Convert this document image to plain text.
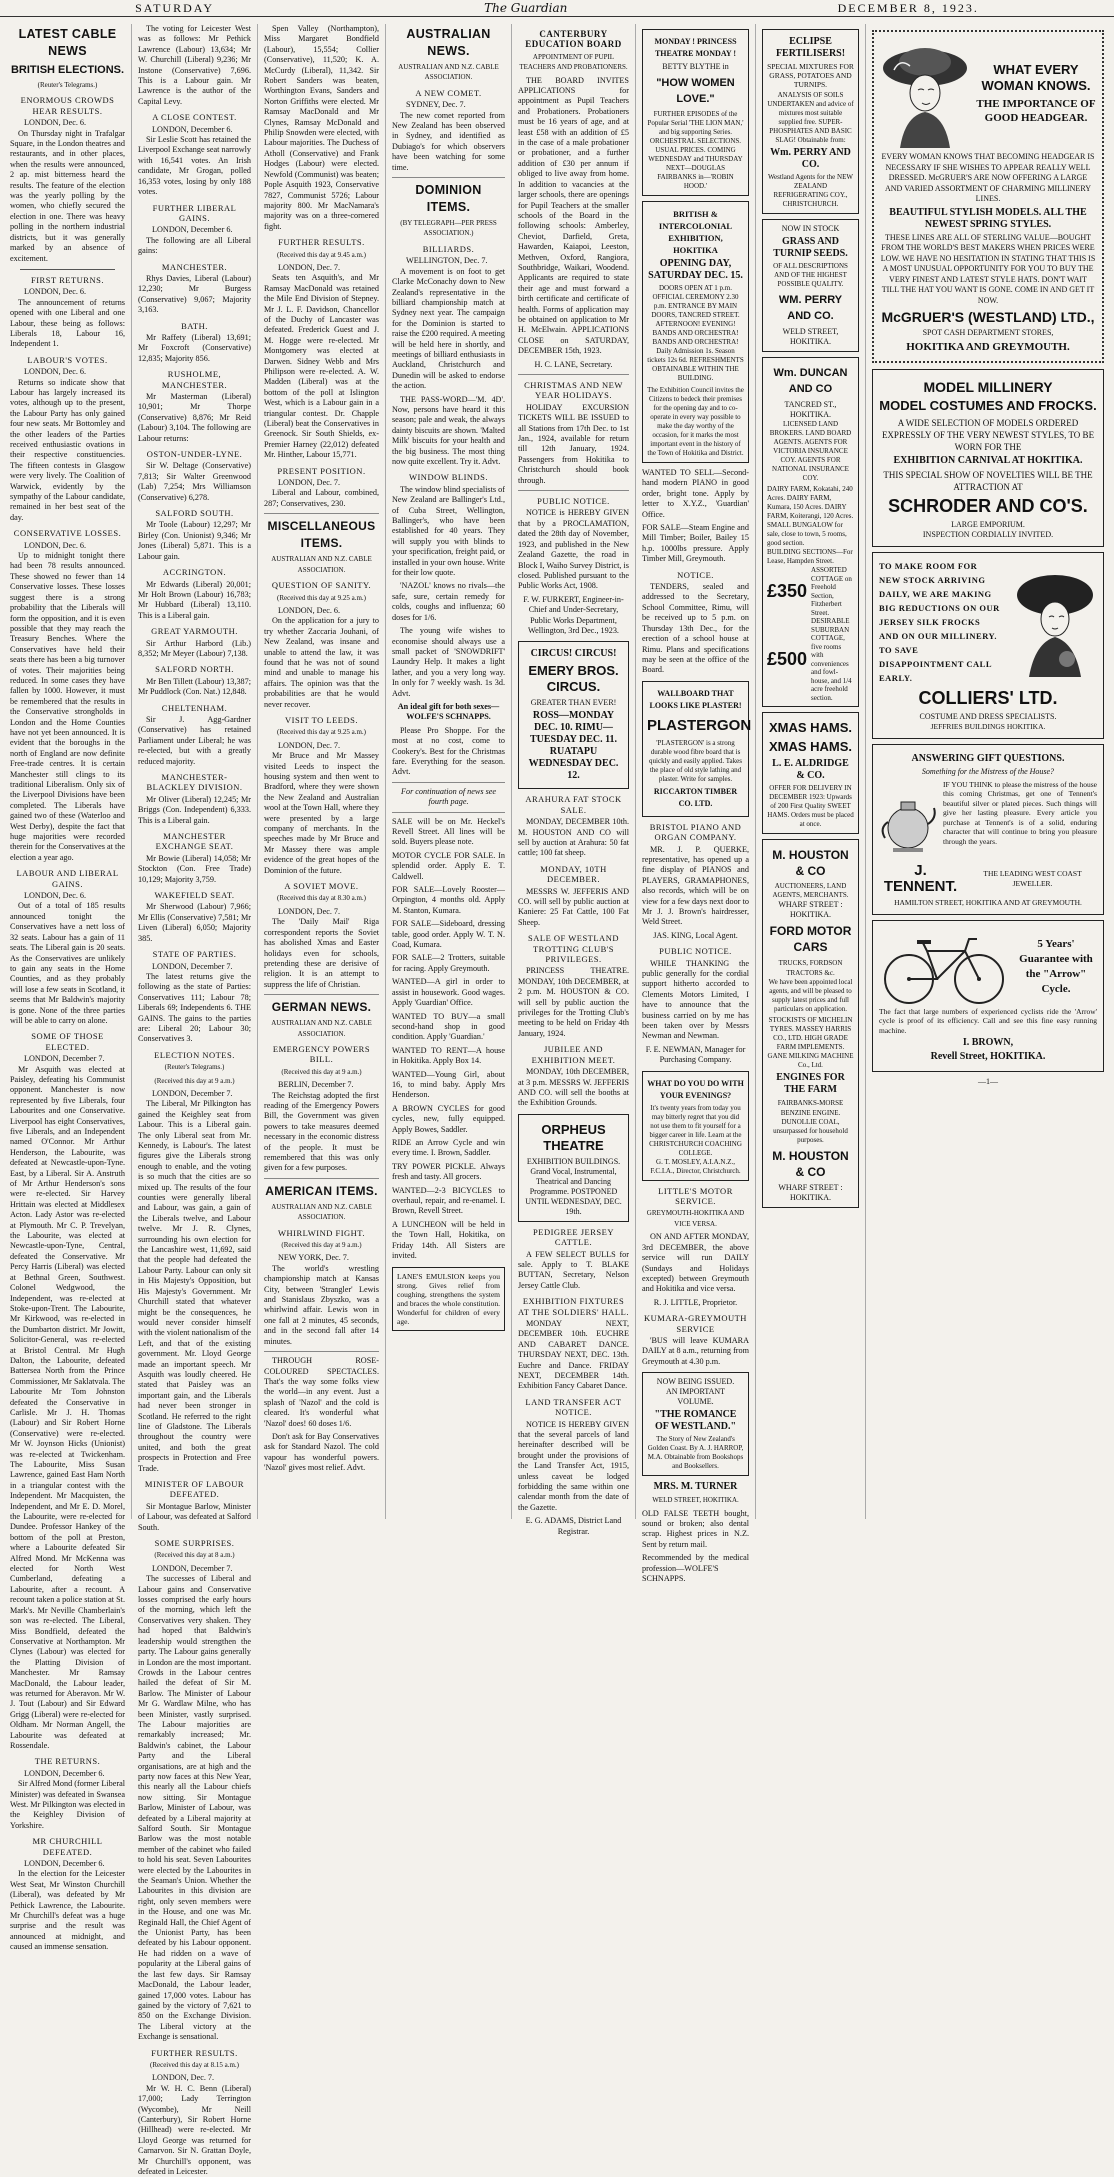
SATURDAY	The Guardian	DECEMBER 8, 1923.
LATEST CABLE NEWS
BRITISH ELECTIONS.
(Reuter's Telegrams.)
ENORMOUS CROWDS HEAR RESULTS.
LONDON, Dec. 6.

On Thursday night in Trafalgar Square, in the London theatres and restaurants, and in other places, when the results were announced, 2 ap. mist bitterness heard the results. The feature of the election was the yearly polling by the women, who chiefly secured the election in one. There was heavy polling in the northern industrial districts, but it was generally marked by an absence of excitement.

FIRST RETURNS.
LONDON, Dec. 6.

The announcement of returns opened with one Liberal and one Labour, these being as follows: Liberals 18, Labour 16, Independent 1.

LABOUR'S VOTES.
LONDON, Dec. 6.

Returns so indicate show that Labour has largely increased its votes, although up to the present, the Labour Party has only gained four new seats. Mr Bottomley and the other leaders of the Parties received enthusiastic ovations in their respective constituencies. The fifteen contests in Glasgow were very lively. The Coalition of Warwick, evidently by the sympathy of the Labour candidate, remained in her best seat of the day.

CONSERVATIVE LOSSES.
LONDON, Dec. 6.

Up to midnight tonight there had been 78 results announced. These showed no fewer than 14 Conservative losses. These losses suggest there is a strong probability that the Liberals will form the opposition, and it is even possible that they may reach the Treasury Benches. Where the Conservatives have held their seats there has been a big turnover of votes. Their majorities being reduced. In some cases they have fallen by 1000. However, it must be remembered that the results in the Conservative strongholds in London and the Home Counties have not yet been announced. It is evident that the boroughs in the north of England are now definite Free-trade centres. It is certain Manchester still clings to its traditional Liberalism. Only six of the Liverpool Divisions have been completed. The Liberals have gained two of these (Waterloo and West Derby), despite the fact that huge majorities were recorded therein for the Conservatives at the election a year ago.

LABOUR AND LIBERAL GAINS.
LONDON, Dec. 6.

Out of a total of 185 results announced tonight the Conservatives have a nett loss of 32 seats. Labour has a gain of 11 seats. The Liberal gain is 20 seats. As the Conservatives are unlikely to gain any seats in the Home Counties, and as they probably will lose a few seats in Scotland, it seems that Mr Baldwin's majority is gone. None of the three parties will be able to carry on alone.

SOME OF THOSE ELECTED.
LONDON, December 7.

Mr Asquith was elected at Paisley, defeating his Communist opponent. Manchester is now represented by five Liberals, four Labourites and one Conservative. Liverpool has eight Conservatives, five Liberals, and an Independent named O'Connor. Mr Arthur Henderson, the Labourite, was defeated at Newcastle-upon-Tyne. East, by a Liberal. Sir A. Anstruth of Mr Arthur Henderson's sons were re-elected. Sir Harvey Hrittain was elected at Middlesex Acton. Lady Astor was re-elected at Plymouth. Mr C. P. Trevelyan, the Labourite, was elected at Newcastle-upon-Tyne, Central, defeated the Conservative. Mr Percy Harris (Liberal) was elected at Bethnal Green, Southwest. Colonel Wedgwood, the Independent, was re-elected at Stoke-upon-Trent. The Labourite, Mr Kirkwood, was re-elected in the Dumbarton district. Mr Jowitt, Solicitor-General, was re-elected at Bristol Central. Mr Hugh Dalton, the Labourite, defeated Battersea North from the Prince Commissioner, Mr Saklatvala. The Labourite Mr Tom Johnston defeated the Conservative in Carlisle. Mr J. H. Thomas (Labour) and Sir Robert Horne (Conservative) were re-elected. Mr W. Joynson Hicks (Unionist) was re-elected at Twickenham. The Labourite, Miss Susan Lawrence, gained East Ham North in a triangular contest with the Independent. Mr Macquisten, the Independent, and Mr E. D. Morel, the Labourite, were re-elected for Dundee. Professor Hankey of the bottom of the poll at Preston, where a Labourite defeated Sir Alfred Mond. Mr McKenna was elected for North West Cumberland, defeating a Labourite, after a recount. A recount taken a police station at St. Mark's. Mr Neville Chamberlain's son was re-elected. The Liberal, Miss Bondfield, defeated the Conservative at Northampton. Mr Clynes (Labour) was elected for the Platting Division of Manchester. Mr Ramsay MacDonald, the Labour leader, was returned for Aberavon. Mr W. J. Tout (Labour) and Sir Edward Grigg (Liberal) were re-elected for Oldham. Mr Norman Angell, the Labourite was defeated at Rossendale.

THE RETURNS.
LONDON, December 6.

Sir Alfred Mond (former Liberal Minister) was defeated in Swansea West. Mr Pilkington was elected in the Keighley Division of Yorkshire.

MR CHURCHILL DEFEATED.
LONDON, December 6.

In the election for the Leicester West Seat, Mr Winston Churchill (Liberal), was defeated by Mr Pethick Lawrence, the Labourite. Mr Churchill's defeat was a huge surprise and the result was announced at midnight, and caused an immense sensation.

The voting for Leicester West was as follows: Mr Pethick Lawrence (Labour) 13,634; Mr W. Churchill (Liberal) 9,236; Mr Instone (Conservative) 7,696. This is a Labour gain. Mr Lawrence is the author of the Capital Levy.

A CLOSE CONTEST.
LONDON, December 6.

Sir Leslie Scott has retained the Liverpool Exchange seat narrowly with 16,541 votes. An Irish candidate, Mr Grogan, polled 16,353 votes, losing by only 188 votes.

FURTHER LIBERAL GAINS.
LONDON, December 6.

The following are all Liberal gains:

MANCHESTER.

Rhys Davies, Liberal (Labour) 12,230; Mr Burgess (Conservative) 9,067; Majority 3,163.

BATH.

Mr Raffety (Liberal) 13,691; Mr Foxcroft (Conservative) 12,835; Majority 856.

RUSHOLME, MANCHESTER.

Mr Masterman (Liberal) 10,901; Mr Thorpe (Conservative) 8,876; Mr Reid (Labour) 3,104. The following are Labour returns:

OSTON-UNDER-LYNE.

Sir W. Deltage (Conservative) 7,813; Sir Walter Greenwood (Lab) 7,254; Mrs Williamson (Conservative) 6,278.

SALFORD SOUTH.

Mr Toole (Labour) 12,297; Mr Birley (Con. Unionist) 9,346; Mr Jones (Liberal) 5,871. This is a Labour gain.

ACCRINGTON.

Mr Edwards (Liberal) 20,001; Mr Holt Brown (Labour) 16,783; Mr Hubbard (Liberal) 13,110. This is a Liberal gain.

GREAT YARMOUTH.

Sir Arthur Harbord (Lib.) 8,352; Mr Meyer (Labour) 7,138.

SALFORD NORTH.

Mr Ben Tillett (Labour) 13,387; Mr Puddlock (Con. Nat.) 12,848.

CHELTENHAM.

Sir J. Agg-Gardner (Conservative) has retained Parliament under Liberal; he was re-elected, but with a greatly reduced majority.

MANCHESTER-BLACKLEY DIVISION.

Mr Oliver (Liberal) 12,245; Mr Briggs (Con. Independent) 6,333. This is a Liberal gain.

MANCHESTER EXCHANGE SEAT.

Mr Bowie (Liberal) 14,058; Mr Stockton (Con. Free Trade) 10,129; Majority 3,759.

WAKEFIELD SEAT.

Mr Sherwood (Labour) 7,966; Mr Ellis (Conservative) 7,581; Mr Liven (Liberal) 6,050; Majority 385.

STATE OF PARTIES.
LONDON, December 7.

The latest returns give the following as the state of Parties: Conservatives 111; Labour 78; Liberals 69; Independents 6. THE GAINS. The gains to the parties are: Liberal 20; Labour 30; Conservatives 3.

ELECTION NOTES.
(Reuter's Telegrams.)
(Received this day at 9 a.m.)
LONDON, December 7.

The Liberal, Mr Pilkington has gained the Keighley seat from Labour. This is a Liberal gain. The only Liberal seat from Mr. Kennedy, is Labour's. The latest figures give the Liberals strong enough to enable, and the voting is so much that the cities are so mixed up. The results of the four counties were generally liberal and Labour, was gain, a gain of the Liberals twelve, and Labour twelve. Mr J. R. Clynes, surrounding his own election for the Lancashire west, 11,692, said that the people had defeated the Labour Party. Labour can only sit in His Majesty's Opposition, but His Majesty's Government. Mr Churchill stated that whatever might be the consequences, he would never consider himself with the violent nationalism of the Left, and that of the existing government. Mr. Lloyd George made an important speech. Mr Asquith was loudly cheered. He stated that Paisley was an important gain, and the Liberals had never been stronger in Scotland. He referred to the right line of Gladstone. The Liberals throughout the country were united, and both the great prospects in Protection and Free Trade.

MINISTER OF LABOUR DEFEATED.

Sir Montague Barlow, Minister of Labour, was defeated at Salford South.

SOME SURPRISES.
(Received this day at 8 a.m.)
LONDON, December 7.

The successes of Liberal and Labour gains and Conservative losses comprised the early hours of the morning, which left the Conservatives very shaken. They had hoped that Baldwin's leadership would strengthen the party. The Labour gains generally in London are the most important. Crowds in the Labour centres hailed the defeat of Sir M. Barlow. The Minister of Labour Mr G. Wardlaw Milne, who has been Minister, vastly surprised. The Labour majorities are remarkably increased; Mr. Baldwin's cabinet, the Labour Party and the Liberal organisations, are at high and the party now faces at this New Year, this nearly all the Labour chiefs now sitting. Sir Montague Barlow, Minister of Labour, was defeated by a Liberal majority at Salford South. Sir Montague Barlow was the most notable member of the cabinet who failed to hold his seat. Seven Labourites were elected by the Labourites in the Seaman's Union. Whether the Labourites in this division are right, only seven members were in the House, and one was Mr. Reginald Hall, the Chief Agent of the Unionist Party, has been defeated by his Labour opponent. He had ridden on a wave of popularity at the Liberal gains of the last few days. Sir Ramsay MacDonald, the Labour leader, gained 17,000 votes. Labour has gained by the victory of 7,621 to 850 on the Exchange Division. The Liberal victory at the Exchange is sensational.

FURTHER RESULTS.
(Received this day at 8.15 a.m.)
LONDON, Dec. 7.

Mr W. H. C. Benn (Liberal) 17,000; Lady Terrington (Wycombe), Mr Neill (Canterbury), Sir Robert Horne (Hillhead) were re-elected. Mr Lloyd George was returned for Carnarvon. Sir N. Grattan Doyle, Mr Churchill's opponent, was defeated in Leicester.

Spen Valley (Northampton), Miss Margaret Bondfield (Labour), 15,554; Collier (Conservative), 11,520; K. A. McCurdy (Liberal), 11,342. Sir Robert Sanders was beaten, Worthington Evans, Sanders and Norton Griffiths were elected. Mr Ramsay MacDonald and Mr Clynes, Ramsay McDonald and Philip Snowden were elected, with Labour majorities. The Duchess of Atholl (Conservative) and Frank Hodges (Labour) were elected. Newfold (Communist) was beaten; Pople Asquith 1923, Conservative 7827, Communist 5726; Labour majority 800. Mr MacNamara's majority was on a three-cornered fight.

FURTHER RESULTS.
(Received this day at 9.45 a.m.)
LONDON, Dec. 7.

Seats ten Asquith's, and Mr Ramsay MacDonald was retained the Mile End Division of Stepney. Mr J. L. F. Davidson, Chancellor of the Duchy of Lancaster was defeated. Frederick Guest and J. M. Hogge were re-elected. Mr Montgomery was elected at Darwen. Sidney Webb and Mrs Philipson were re-elected. A. W. Madden (Liberal) was at the bottom of the poll at Islington West, which is a Labour gain in a triangular contest. Dr. Chapple (Liberal) beat the Conservatives in Greenock. Sir South Shields, ex-Premier Harney (22,012) defeated Mr. Hinther, Labour 15,771.

PRESENT POSITION.
LONDON, Dec. 7.

Liberal and Labour, combined, 287; Conservatives, 230.

MISCELLANEOUS ITEMS.
AUSTRALIAN AND N.Z. CABLE ASSOCIATION.
QUESTION OF SANITY.
(Received this day at 9.25 a.m.)
LONDON, Dec. 6.

On the application for a jury to try whether Zaccaria Jouhani, of New Zealand, was insane and unable to attend the law, it was found that he was not of sound mind and unable to manage his affairs. The opinion was that the probabilities are that he would never recover.

VISIT TO LEEDS.
(Received this day at 9.25 a.m.)
LONDON, Dec. 7.

Mr Bruce and Mr Massey visited Leeds to inspect the housing system and then went to Bradford, where they were shown the New Zealand and Australian wool at the Town Hall, where they were presented by a large company of merchants. In the speeches made by Mr Bruce and Mr Massey there was ample evidence of the great hopes of the Dominion of the future.

A SOVIET MOVE.
(Received this day at 8.30 a.m.)
LONDON, Dec. 7.

The 'Daily Mail' Riga correspondent reports the Soviet has abolished Xmas and Easter holidays even for schools, pretending these are derisive of religion. It is an attempt to suppress the life of Christian.

GERMAN NEWS.
AUSTRALIAN AND N.Z. CABLE ASSOCIATION.
EMERGENCY POWERS BILL.
(Received this day at 9 a.m.)
BERLIN, December 7.

The Reichstag adopted the first reading of the Emergency Powers Bill, the Government was given powers to take measures deemed necessary in the economic distress of the people. It must be remembered that this was only given for a few purposes.

AMERICAN ITEMS.
AUSTRALIAN AND N.Z. CABLE ASSOCIATION.
WHIRLWIND FIGHT.
(Received this day at 9 a.m.)
NEW YORK, Dec. 7.

The world's wrestling championship match at Kansas City, between 'Strangler' Lewis and Stanislaus Zbyszko, was a whirlwind affair. Lewis won in one fall at 2 minutes, 45 seconds, and in the second fall after 14 minutes.

THROUGH ROSE-COLOURED SPECTACLES. That's the way some folks view the world—in any event. Just a splash of 'Nazol' and the cold is cleared. It's wonderful what 'Nazol' does! 60 doses 1/6.

Don't ask for Bay Conservatives ask for Standard Nazol. The cold vapour has wonderful powers. 'Nazol' gives most relief. Advt.

AUSTRALIAN NEWS.
AUSTRALIAN AND N.Z. CABLE ASSOCIATION.
A NEW COMET.
SYDNEY, Dec. 7.

The new comet reported from New Zealand has been observed in Sydney, and identified as Dubiago's for which observers have been watching for some time.

DOMINION ITEMS.
(BY TELEGRAPH—PER PRESS ASSOCIATION.)
BILLIARDS.
WELLINGTON, Dec. 7.

A movement is on foot to get Clarke McConachy down to New Zealand's representative in the billiard championship match at Sydney next year. The campaign for the Dominion is started to raise the £200 required. A meeting will be held here in shortly, and meetings of billiard enthusiasts in Auckland, Christchurch and Dunedin will be asked to endorse the action.

THE PASS-WORD—'M. 4D'. Now, persons have heard it this season; pale and weak, the always dainty biscuits are shown. 'Malted Milk' biscuits for your health and the big business. The most thing now quite excellent. Try it. Advt.

WINDOW BLINDS.

The window blind specialists of New Zealand are Ballinger's Ltd., of Cuba Street, Wellington, Ballinger's, who have been established for 40 years. They will supply you with blinds to your specification, freight paid, or installed in your own house. Write for their low quote.

'NAZOL' knows no rivals—the safe, sure, certain remedy for colds, coughs and influenza; 60 doses for 1/6.

The young wife wishes to economise should always use a small packet of 'SNOWDRIFT' Laundry Help. It makes a light lather, and you a very long way. In only for 7 weekly wash. 1s 3d. Advt.

An ideal gift for both sexes—WOLFE'S SCHNAPPS.

Please Pro Shoppe. For the most at no cost, come to Cookery's. Best for the Christmas fare. Everything for the season. Advt.

For continuation of news see fourth page.

SALE will be on Mr. Heckel's Revell Street. All lines will be sold. Buyers please note.

MOTOR CYCLE FOR SALE. In splendid order. Apply E. T. Caldwell.

FOR SALE—Lovely Rooster—Orpington, 4 months old. Apply M. Stanton, Kumara.

FOR SALE—Sideboard, dressing table, good order. Apply W. T. N. Coad, Kumara.

FOR SALE—2 Trotters, suitable for racing. Apply Greymouth.

WANTED—A girl in order to assist in housework. Good wages. Apply 'Guardian' Office.

WANTED TO BUY—a small second-hand shop in good condition. Apply 'Guardian.'

WANTED TO RENT—A house in Hokitika. Apply Box 14.

WANTED—Young Girl, about 16, to mind baby. Apply Mrs Henderson.

A BROWN CYCLES for good cycles, new, fully equipped. Apply Bowes, Saddler.

RIDE an Arrow Cycle and win every time. I. Brown, Saddler.

TRY POWER PICKLE. Always fresh and tasty. All grocers.

WANTED—2-3 BICYCLES to overhaul, repair, and re-enamel. I. Brown, Revell Street.

A LUNCHEON will be held in the Town Hall, Hokitika, on Friday 14th. All Sisters are invited.

LANE'S EMULSION keeps you strong. Gives relief from coughing, strengthens the system and braces the whole constitution. Wonderful for children of every age.
CANTERBURY EDUCATION BOARD
APPOINTMENT OF PUPIL TEACHERS AND PROBATIONERS.

THE BOARD INVITES APPLICATIONS for appointment as Pupil Teachers and Probationers. Probationers must be 16 years of age, and at least £58 with an addition of £5 in the case of a male probationer or probationer, and a further addition of £30 per annum if obliged to live away from home. In addition to vacancies at the larger schools, there are openings for Pupil Teachers at the smaller schools of the Board in the following schools: Amberley, Cheviot, Darfield, Greta, Hawarden, Kaiapoi, Leeston, Methven, Oxford, Rangiora, Southbridge, Waikari, Woodend. Applicants are required to state their age and must forward a birth certificate and certificate of health. Forms of application may be obtained on application to Mr H. McElwain. APPLICATIONS CLOSE on SATURDAY, DECEMBER 15th, 1923.

H. C. LANE, Secretary.

CHRISTMAS AND NEW YEAR HOLIDAYS.

HOLIDAY EXCURSION TICKETS WILL BE ISSUED to all Stations from 17th Dec. to 1st Jan., 1924, available for return till 12th January, 1924. Passengers from Hokitika to Christchurch should book through.

PUBLIC NOTICE.

NOTICE is HEREBY GIVEN that by a PROCLAMATION, dated the 28th day of November, 1923, and published in the New Zealand Gazette, the road in Block I, Waiho Survey District, is closed. Published pursuant to the Public Works Act, 1908.

F. W. FURKERT, Engineer-in-Chief and Under-Secretary, Public Works Department, Wellington, 3rd Dec., 1923.

CIRCUS! CIRCUS!
EMERY BROS. CIRCUS.
GREATER THAN EVER!
ROSS—MONDAY DEC. 10. RIMU—TUESDAY DEC. 11. RUATAPU WEDNESDAY DEC. 12.
ARAHURA FAT STOCK SALE.

MONDAY, DECEMBER 10th. M. HOUSTON AND CO will sell by auction at Arahura: 50 fat cattle; 100 fat sheep.

MONDAY, 10TH DECEMBER.

MESSRS W. JEFFERIS AND CO. will sell by public auction at Kaniere: 25 Fat Cattle, 100 Fat Sheep.

SALE OF WESTLAND TROTTING CLUB'S PRIVILEGES.

PRINCESS THEATRE. MONDAY, 10th DECEMBER, at 2 p.m. M. HOUSTON & CO. will sell by public auction the privileges for the Trotting Club's meeting to be held on Friday 4th January, 1924.

JUBILEE AND EXHIBITION MEET.

MONDAY, 10th DECEMBER, at 3 p.m. MESSRS W. JEFFERIS AND CO. will sell the booths at the Exhibition Grounds.

ORPHEUS THEATRE
EXHIBITION BUILDINGS. Grand Vocal, Instrumental, Theatrical and Dancing Programme. POSTPONED UNTIL WEDNESDAY, DEC. 19th.
PEDIGREE JERSEY CATTLE.

A FEW SELECT BULLS for sale. Apply to T. BLAKE BUTTAN, Secretary, Nelson Jersey Cattle Club.

EXHIBITION FIXTURES AT THE SOLDIERS' HALL.

MONDAY NEXT, DECEMBER 10th. EUCHRE AND CABARET DANCE. THURSDAY NEXT, DEC. 13th. Euchre and Dance. FRIDAY NEXT, DECEMBER 14th. Exhibition Fancy Cabaret Dance.

LAND TRANSFER ACT NOTICE.

NOTICE IS HEREBY GIVEN that the several parcels of land hereinafter described will be brought under the provisions of the Land Transfer Act, 1915, unless caveat be lodged forbidding the same within one calendar month from the date of the Gazette.

E. G. ADAMS, District Land Registrar.

MONDAY ! PRINCESS THEATRE MONDAY !
BETTY BLYTHE in
"HOW WOMEN LOVE."
FURTHER EPISODES of the Popular Serial 'THE LION MAN,' and big supporting Series. ORCHESTRAL SELECTIONS. USUAL PRICES. COMING WEDNESDAY and THURSDAY NEXT—DOUGLAS FAIRBANKS in—'ROBIN HOOD.'
BRITISH & INTERCOLONIAL EXHIBITION, HOKITIKA
OPENING DAY, SATURDAY DEC. 15.
DOORS OPEN AT 1 p.m. OFFICIAL CEREMONY 2.30 p.m. ENTRANCE BY MAIN DOORS, TANCRED STREET. AFTERNOON! EVENING! BANDS AND ORCHESTRA! BANDS AND ORCHESTRA! Daily Admission 1s. Season tickets 12s 6d. REFRESHMENTS OBTAINABLE WITHIN THE BUILDING.
The Exhibition Council invites the Citizens to bedeck their premises for the opening day and to co-operate in every way possible to make the day worthy of the occasion, for it marks the most important event in the history of the Town of Hokitika and District.

WANTED TO SELL—Second-hand modern PIANO in good order, bright tone. Apply by letter to X.Y.Z., 'Guardian' Office.

FOR SALE—Steam Engine and Mill Timber; Boiler, Bailey 15 h.p. 1000lbs pressure. Apply Timber Mill, Greymouth.

NOTICE.

TENDERS, sealed and addressed to the Secretary, School Committee, Rimu, will be received up to 5 p.m. on Thursday 13th Dec., for the erection of a school house at Rimu. Plans and specifications may be seen at the office of the Board.

WALLBOARD THAT LOOKS LIKE PLASTER!
PLASTERGON
'PLASTERGON' is a strong durable wood fibre board that is quickly and easily applied. Takes the place of old style lathing and plaster. Write for samples.
RICCARTON TIMBER CO. LTD.
BRISTOL PIANO AND ORGAN COMPANY.

MR. J. P. QUERKE, representative, has opened up a fine display of PIANOS and PLAYERS, GRAMAPHONES, also records, which will be on view for a few days next door to Mr J. J. Brown's hairdresser, Weld Street.

JAS. KING, Local Agent.

PUBLIC NOTICE.

WHILE THANKING the public generally for the cordial support hitherto accorded to Clements Motors Limited, I have to announce that the business carried on by me has been taken over by Messrs Newman and Newman.

F. E. NEWMAN, Manager for Purchasing Company.

WHAT DO YOU DO WITH YOUR EVENINGS?
It's twenty years from today you may bitterly regret that you did not use them to fit yourself for a bigger career in life. Learn at the CHRISTCHURCH COACHING COLLEGE.
G. T. MOSLEY, A.I.A.N.Z., F.C.I.A., Director, Christchurch.
LITTLE'S MOTOR SERVICE.
GREYMOUTH-HOKITIKA AND VICE VERSA.

ON AND AFTER MONDAY, 3rd DECEMBER, the above service will run DAILY (Sundays and Holidays excepted) between Greymouth and Hokitika and vice versa.

R. J. LITTLE, Proprietor.

KUMARA-GREYMOUTH SERVICE

'BUS will leave KUMARA DAILY at 8 a.m., returning from Greymouth at 4.30 p.m.

NOW BEING ISSUED.
AN IMPORTANT VOLUME.
"THE ROMANCE OF WESTLAND."
The Story of New Zealand's Golden Coast. By A. J. HARROP, M.A. Obtainable from Bookshops and Booksellers.
MRS. M. TURNER
WELD STREET, HOKITIKA.

OLD FALSE TEETH bought, sound or broken; also dental scrap. Highest prices in N.Z. Sent by return mail.

Recommended by the medical profession—WOLFE'S SCHNAPPS.

ECLIPSE FERTILISERS!
SPECIAL MIXTURES FOR GRASS, POTATOES AND TURNIPS.
ANALYSIS OF SOILS UNDERTAKEN and advice of mixtures most suitable supplied free. SUPER-PHOSPHATES AND BASIC SLAG! Obtainable from:
Wm. PERRY AND CO.
Westland Agents for the NEW ZEALAND REFRIGERATING COY., CHRISTCHURCH.
NOW IN STOCK
GRASS AND TURNIP SEEDS.
OF ALL DESCRIPTIONS AND OF THE HIGHEST POSSIBLE QUALITY.
WM. PERRY AND CO.
WELD STREET, HOKITIKA.
Wm. DUNCAN AND CO
TANCRED ST., HOKITIKA.
LICENSED LAND BROKERS. LAND BOARD AGENTS. AGENTS FOR VICTORIA INSURANCE COY. AGENTS FOR NATIONAL INSURANCE COY.
DAIRY FARM, Kokatahi, 240 Acres. DAIRY FARM, Kumara, 150 Acres. DAIRY FARM, Koiterangi, 120 Acres.
SMALL BUNGALOW for sale, close to town, 5 rooms, good section.
BUILDING SECTIONS—For Lease, Hampden Street.
£350
ASSORTED COTTAGE on Freehold Section, Fitzherbert Street.
£500
DESIRABLE SUBURBAN COTTAGE, five rooms with conveniences and fowl-house, and 1/4 acre freehold section.
XMAS HAMS.
XMAS HAMS.
L. E. ALDRIDGE & CO.
OFFER FOR DELIVERY IN DECEMBER 1923: Upwards of 200 First Quality SWEET HAMS. Orders must be placed at once.
M. HOUSTON & CO
AUCTIONEERS, LAND AGENTS, MERCHANTS.
WHARF STREET : HOKITIKA.
FORD MOTOR CARS
TRUCKS, FORDSON TRACTORS &c.
We have been appointed local agents, and will be pleased to supply latest prices and full particulars on application.
STOCKISTS OF MICHELIN TYRES. MASSEY HARRIS CO., LTD. HIGH GRADE FARM IMPLEMENTS. GANE MILKING MACHINE Co., Ltd.
ENGINES FOR THE FARM
FAIRBANKS-MORSE BENZINE ENGINE.
DUNOLLIE COAL, unsurpassed for household purposes.
M. HOUSTON & CO
WHARF STREET : HOKITIKA.
WHAT EVERY WOMAN KNOWS.
THE IMPORTANCE OF GOOD HEADGEAR.
EVERY WOMAN KNOWS THAT BECOMING HEADGEAR IS NECESSARY IF SHE WISHES TO APPEAR REALLY WELL DRESSED. McGRUER'S ARE NOW OFFERING A LARGE AND VARIED ASSORTMENT OF CHARMING MILLINERY LINES.
BEAUTIFUL STYLISH MODELS. ALL THE NEWEST SPRING STYLES.
THESE LINES ARE ALL OF STERLING VALUE—BOUGHT FROM THE WORLD'S BEST MAKERS WHEN PRICES WERE LOW. WE HAVE NO HESITATION IN STATING THAT THIS IS A MOST UNUSUAL OPPORTUNITY FOR YOU TO BUY THE VERY FINEST AND LATEST STYLE HATS. DON'T WAIT TILL THE HAT YOU WANT IS GONE. COME IN AND GET IT NOW.
McGRUER'S (WESTLAND) LTD.,
SPOT CASH DEPARTMENT STORES,
HOKITIKA AND GREYMOUTH.
MODEL MILLINERY
MODEL COSTUMES AND FROCKS.
A WIDE SELECTION OF MODELS ORDERED EXPRESSLY OF THE VERY NEWEST STYLES, TO BE WORN FOR THE
EXHIBITION CARNIVAL AT HOKITIKA.
THIS SPECIAL SHOW OF NOVELTIES WILL BE THE ATTRACTION AT
SCHRODER AND CO'S.
LARGE EMPORIUM.
INSPECTION CORDIALLY INVITED.
TO MAKE ROOM FOR NEW STOCK ARRIVING DAILY, WE ARE MAKING BIG REDUCTIONS ON OUR JERSEY SILK FROCKS AND ON OUR MILLINERY. TO SAVE DISAPPOINTMENT CALL EARLY.
COLLIERS' LTD.
COSTUME AND DRESS SPECIALISTS.
JEFFRIES BUILDINGS HOKITIKA.
ANSWERING GIFT QUESTIONS.
Something for the Mistress of the House?
IF YOU THINK to please the mistress of the house this coming Christmas, get one of Tennent's beautiful silver or plated pieces. Such things will give her lasting pleasure. Every article you purchase at Tennent's is of a solid, enduring character that will continue to bring you pleasure through the years.
J. TENNENT.
THE LEADING WEST COAST JEWELLER.
HAMILTON STREET, HOKITIKA AND AT GREYMOUTH.
5 Years' Guarantee with the "Arrow" Cycle.
The fact that large numbers of experienced cyclists ride the 'Arrow' cycle is proof of its efficiency. Call and see this fine easy running machine.
I. BROWN,
Revell Street, HOKITIKA.
—1—
